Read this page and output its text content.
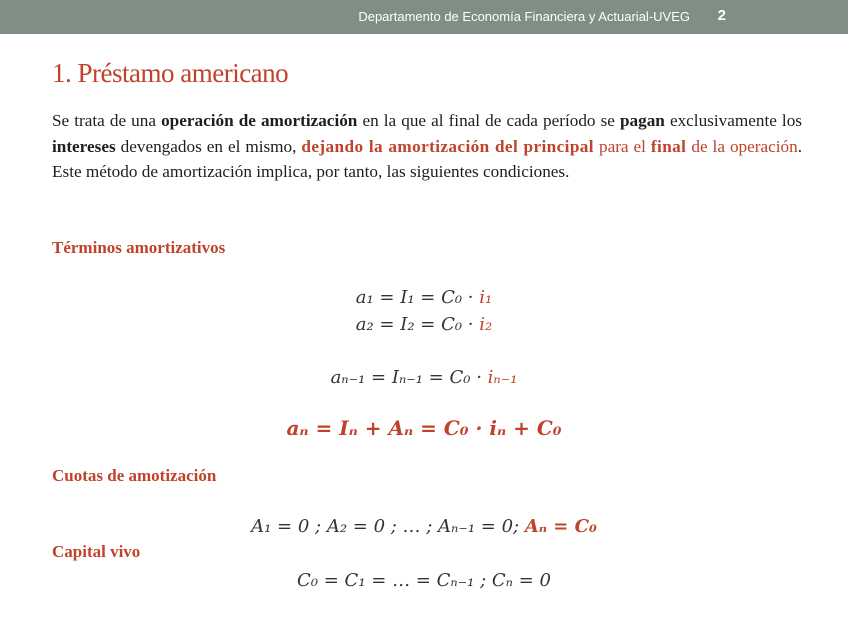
Departamento de Economía Financiera y Actuarial-UVEG 2
1. Préstamo americano
Se trata de una operación de amortización en la que al final de cada período se pagan exclusivamente los intereses devengados en el mismo, dejando la amortización del principal para el final de la operación. Este método de amortización implica, por tanto, las siguientes condiciones.
Términos amortizativos
a₁ = I₁ = C₀ · i₁
a₂ = I₂ = C₀ · i₂
aₙ₋₁ = Iₙ₋₁ = C₀ · iₙ₋₁
aₙ = Iₙ + Aₙ = C₀ · iₙ + C₀
Cuotas de amotización
A₁ = 0 ; A₂ = 0 ; … ; Aₙ₋₁ = 0; Aₙ = C₀
Capital vivo
C₀ = C₁ = … = Cₙ₋₁ ; Cₙ = 0
